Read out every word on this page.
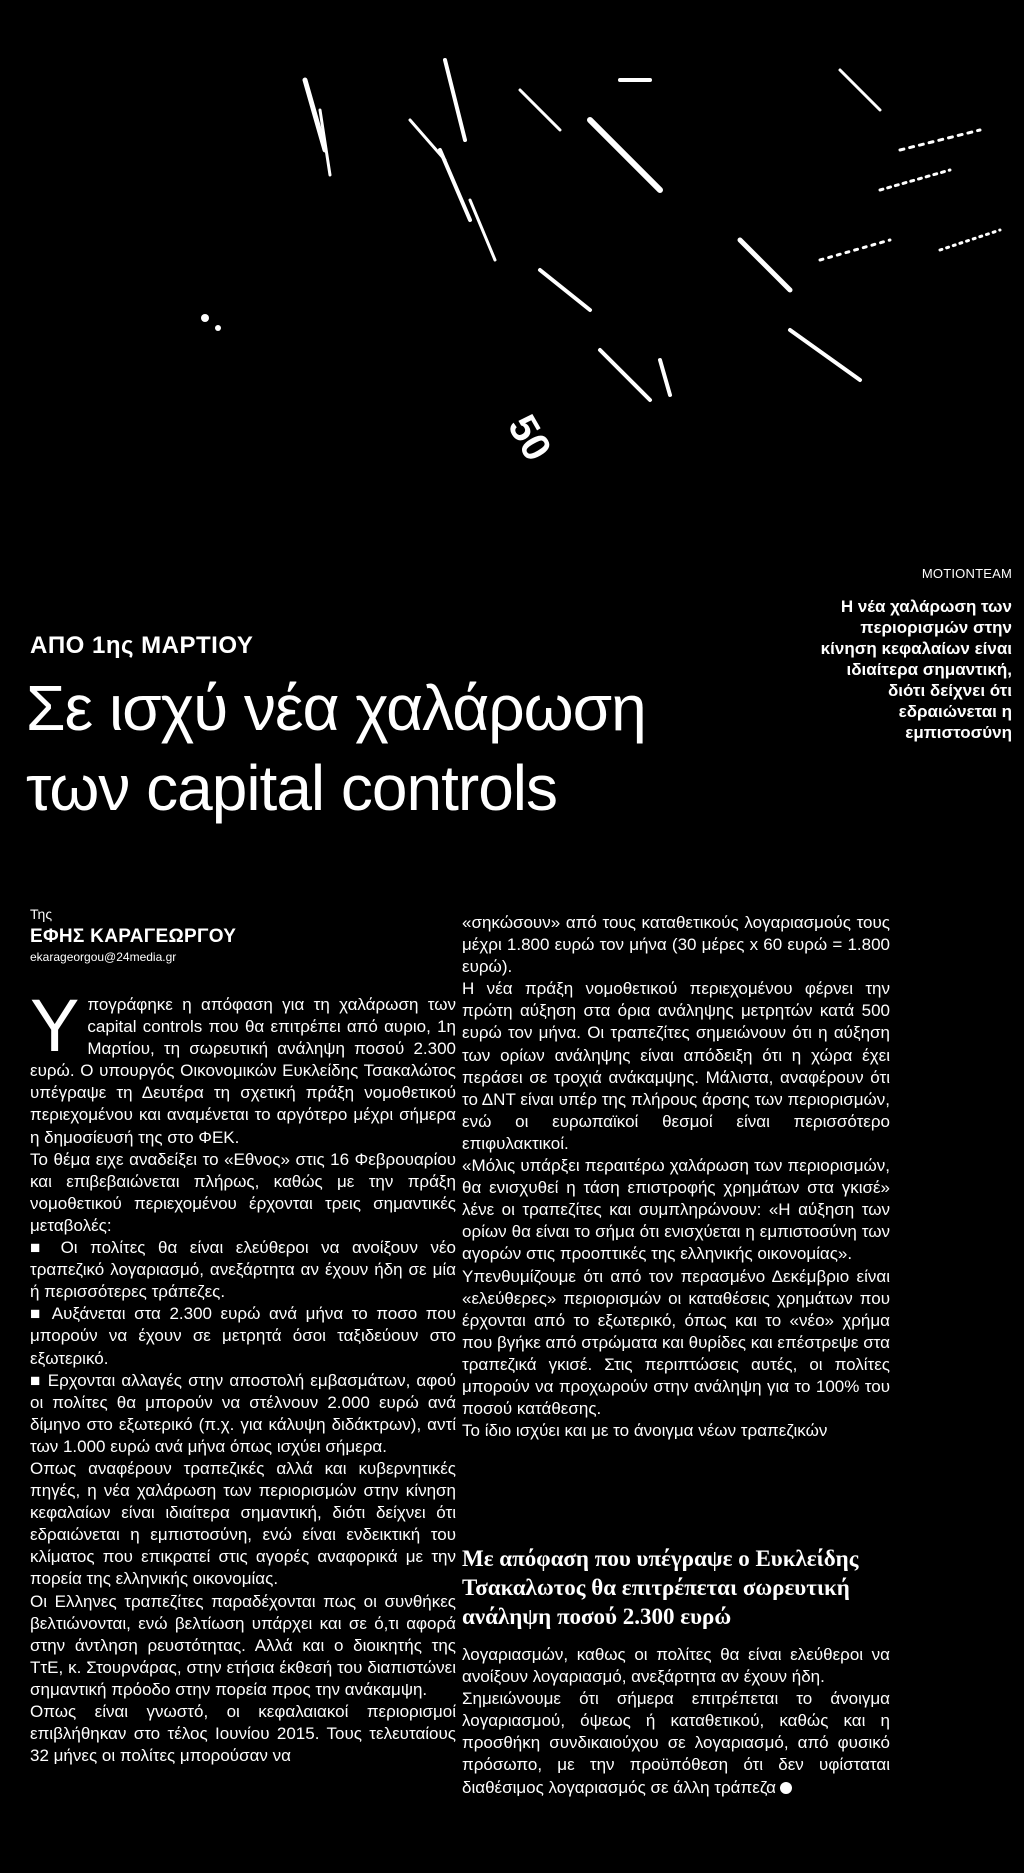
50
MOTIONTEAM
Η νέα χαλάρωση των περιορισμών στην κίνηση κεφαλαίων είναι ιδιαίτερα σημαντική, διότι δείχνει ότι εδραιώνεται η εμπιστοσύνη
ΑΠΟ 1ης ΜΑΡΤΙΟΥ
Σε ισχύ νέα χαλάρωση
των capital controls
Της
ΕΦΗΣ ΚΑΡΑΓΕΩΡΓΟΥ
ekarageorgou@24media.gr

Υπογράφηκε η απόφαση για τη χαλάρωση των capital controls που θα επιτρέπει από αυριο, 1η Μαρτίου, τη σωρευτική ανάληψη ποσού 2.300 ευρώ. Ο υπουργός Οικονομικών Ευκλείδης Τσακαλώτος υπέγραψε τη Δευτέρα τη σχετική πράξη νομοθετικού περιεχομένου και αναμένεται το αργότερο μέχρι σήμερα η δημοσίευσή της στο ΦΕΚ.

Το θέμα ειχε αναδείξει το «Εθνος» στις 16 Φεβρουαρίου και επιβεβαιώνεται πλήρως, καθώς με την πράξη νομοθετικού περιεχομένου έρχονται τρεις σημαντικές μεταβολές:

■ Οι πολίτες θα είναι ελεύθεροι να ανοίξουν νέο τραπεζικό λογαριασμό, ανεξάρτητα αν έχουν ήδη σε μία ή περισσότερες τράπεζες.

■ Αυξάνεται στα 2.300 ευρώ ανά μήνα το ποσο που μπορούν να έχουν σε μετρητά όσοι ταξιδεύουν στο εξωτερικό.

■ Ερχονται αλλαγές στην αποστολή εμβασμάτων, αφού οι πολίτες θα μπορούν να στέλνουν 2.000 ευρώ ανά δίμηνο στο εξωτερικό (π.χ. για κάλυψη διδάκτρων), αντί των 1.000 ευρώ ανά μήνα όπως ισχύει σήμερα.

Οπως αναφέρουν τραπεζικές αλλά και κυβερνητικές πηγές, η νέα χαλάρωση των περιορισμών στην κίνηση κεφαλαίων είναι ιδιαίτερα σημαντική, διότι δείχνει ότι εδραιώνεται η εμπιστοσύνη, ενώ είναι ενδεικτική του κλίματος που επικρατεί στις αγορές αναφορικά με την πορεία της ελληνικής οικονομίας.

Οι Ελληνες τραπεζίτες παραδέχονται πως οι συνθήκες βελτιώνονται, ενώ βελτίωση υπάρχει και σε ό,τι αφορά στην άντληση ρευστότητας. Αλλά και ο διοικητής της ΤτΕ, κ. Στουρνάρας, στην ετήσια έκθεσή του διαπιστώνει σημαντική πρόοδο στην πορεία προς την ανάκαμψη.

Οπως είναι γνωστό, οι κεφαλαιακοί περιορισμοί επιβλήθηκαν στο τέλος Ιουνίου 2015. Τους τελευταίους 32 μήνες οι πολίτες μπορούσαν να

«σηκώσουν» από τους καταθετικούς λογαριασμούς τους μέχρι 1.800 ευρώ τον μήνα (30 μέρες x 60 ευρώ = 1.800 ευρώ).

Η νέα πράξη νομοθετικού περιεχομένου φέρνει την πρώτη αύξηση στα όρια ανάληψης μετρητών κατά 500 ευρώ τον μήνα. Οι τραπεζίτες σημειώνουν ότι η αύξηση των ορίων ανάληψης είναι απόδειξη ότι η χώρα έχει περάσει σε τροχιά ανάκαμψης. Μάλιστα, αναφέρουν ότι το ΔΝΤ είναι υπέρ της πλήρους άρσης των περιορισμών, ενώ οι ευρωπαϊκοί θεσμοί είναι περισσότερο επιφυλακτικοί.

«Μόλις υπάρξει περαιτέρω χαλάρωση των περιορισμών, θα ενισχυθεί η τάση επιστροφής χρημάτων στα γκισέ» λένε οι τραπεζίτες και συμπληρώνουν: «Η αύξηση των ορίων θα είναι το σήμα ότι ενισχύεται η εμπιστοσύνη των αγορών στις προοπτικές της ελληνικής οικονομίας».

Υπενθυμίζουμε ότι από τον περασμένο Δεκέμβριο είναι «ελεύθερες» περιορισμών οι καταθέσεις χρημάτων που έρχονται από το εξωτερικό, όπως και το «νέο» χρήμα που βγήκε από στρώματα και θυρίδες και επέστρεψε στα τραπεζικά γκισέ. Στις περιπτώσεις αυτές, οι πολίτες μπορούν να προχωρούν στην ανάληψη για το 100% του ποσού κατάθεσης.

Το ίδιο ισχύει και με το άνοιγμα νέων τραπεζικών

Με απόφαση που υπέγραψε ο Ευκλείδης Τσακαλωτος θα επιτρέπεται σωρευτική ανάληψη ποσού 2.300 ευρώ

λογαριασμών, καθως οι πολίτες θα είναι ελεύθεροι να ανοίξουν λογαριασμό, ανεξάρτητα αν έχουν ήδη.

Σημειώνουμε ότι σήμερα επιτρέπεται το άνοιγμα λογαριασμού, όψεως ή καταθετικού, καθώς και η προσθήκη συνδικαιούχου σε λογαριασμό, από φυσικό πρόσωπο, με την προϋπόθεση ότι δεν υφίσταται διαθέσιμος λογαριασμός σε άλλη τράπεζα
